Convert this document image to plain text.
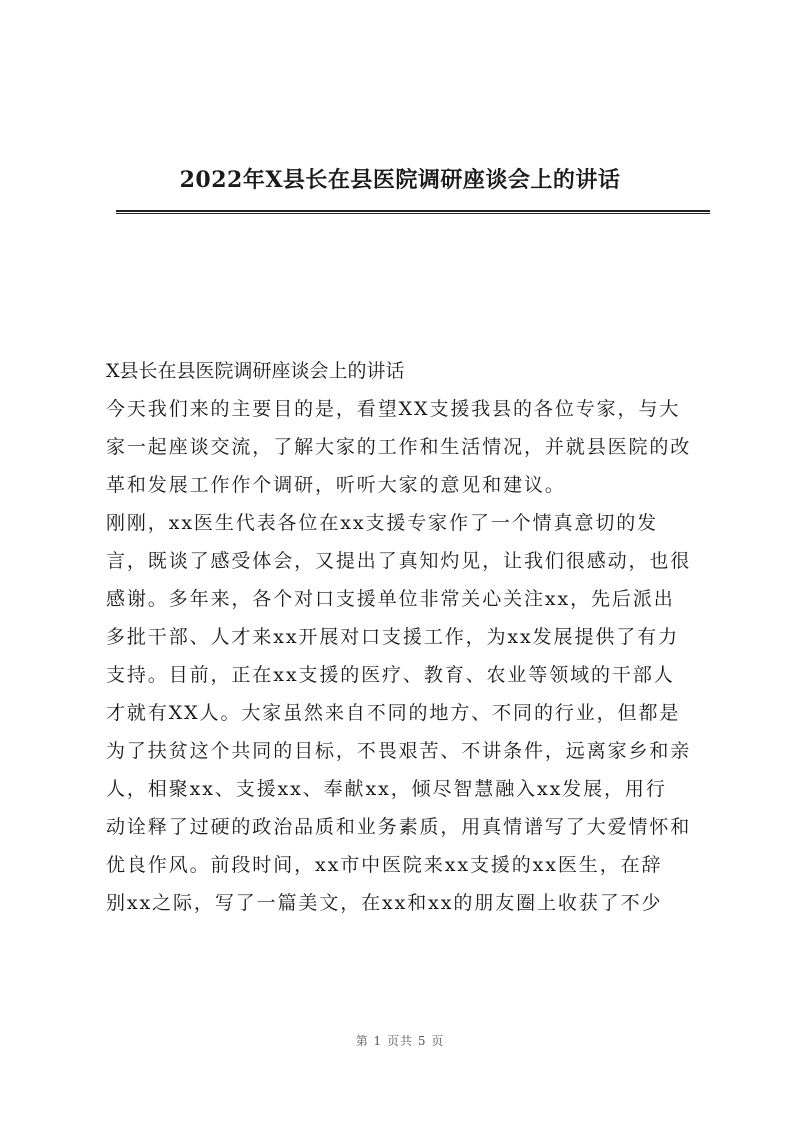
2022年X县长在县医院调研座谈会上的讲话
X县长在县医院调研座谈会上的讲话
今天我们来的主要目的是，看望XX支援我县的各位专家，与大
家一起座谈交流，了解大家的工作和生活情况，并就县医院的改
革和发展工作作个调研，听听大家的意见和建议。
刚刚，xx医生代表各位在xx支援专家作了一个情真意切的发
言，既谈了感受体会，又提出了真知灼见，让我们很感动，也很
感谢。多年来，各个对口支援单位非常关心关注xx，先后派出
多批干部、人才来xx开展对口支援工作，为xx发展提供了有力
支持。目前，正在xx支援的医疗、教育、农业等领域的干部人
才就有XX人。大家虽然来自不同的地方、不同的行业，但都是
为了扶贫这个共同的目标，不畏艰苦、不讲条件，远离家乡和亲
人，相聚xx、支援xx、奉献xx，倾尽智慧融入xx发展，用行
动诠释了过硬的政治品质和业务素质，用真情谱写了大爱情怀和
优良作风。前段时间，xx市中医院来xx支援的xx医生，在辞
别xx之际，写了一篇美文，在xx和xx的朋友圈上收获了不少
第 1 页共 5 页
